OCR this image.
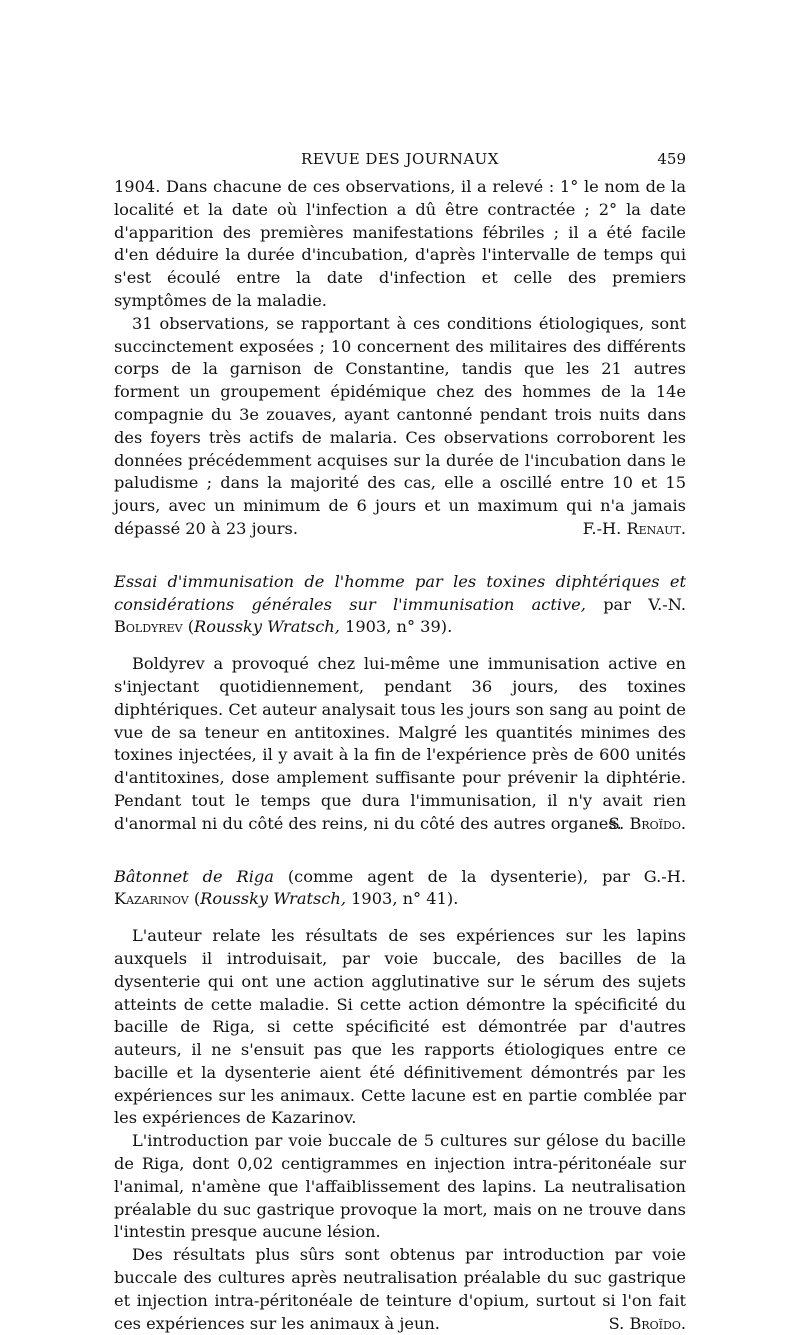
REVUE DES JOURNAUX	459

1904. Dans chacune de ces observations, il a relevé : 1° le nom de la localité et la date où l'infection a dû être contractée ; 2° la date d'apparition des premières manifestations fébriles ; il a été facile d'en déduire la durée d'incubation, d'après l'intervalle de temps qui s'est écoulé entre la date d'infection et celle des premiers symptômes de la maladie.

31 observations, se rapportant à ces conditions étiologiques, sont succinctement exposées ; 10 concernent des militaires des différents corps de la garnison de Constantine, tandis que les 21 autres forment un groupement épidémique chez des hommes de la 14e compagnie du 3e zouaves, ayant cantonné pendant trois nuits dans des foyers très actifs de malaria. Ces observations corroborent les données précédemment acquises sur la durée de l'incubation dans le paludisme ; dans la majorité des cas, elle a oscillé entre 10 et 15 jours, avec un minimum de 6 jours et un maximum qui n'a jamais dépassé 20 à 23 jours.	F.-H. Renaut.
Essai d'immunisation de l'homme par les toxines diphtériques et considérations générales sur l'immunisation active, par V.-N. Boldyrev (Roussky Wratsch, 1903, n° 39).

Boldyrev a provoqué chez lui-même une immunisation active en s'injectant quotidiennement, pendant 36 jours, des toxines diphtériques. Cet auteur analysait tous les jours son sang au point de vue de sa teneur en antitoxines. Malgré les quantités minimes des toxines injectées, il y avait à la fin de l'expérience près de 600 unités d'antitoxines, dose amplement suffisante pour prévenir la diphtérie. Pendant tout le temps que dura l'immunisation, il n'y avait rien d'anormal ni du côté des reins, ni du côté des autres organes.

S. Broïdo.
Bâtonnet de Riga (comme agent de la dysenterie), par G.-H. Kazarinov (Roussky Wratsch, 1903, n° 41).

L'auteur relate les résultats de ses expériences sur les lapins auxquels il introduisait, par voie buccale, des bacilles de la dysenterie qui ont une action agglutinative sur le sérum des sujets atteints de cette maladie. Si cette action démontre la spécificité du bacille de Riga, si cette spécificité est démontrée par d'autres auteurs, il ne s'ensuit pas que les rapports étiologiques entre ce bacille et la dysenterie aient été définitivement démontrés par les expériences sur les animaux. Cette lacune est en partie comblée par les expériences de Kazarinov.

L'introduction par voie buccale de 5 cultures sur gélose du bacille de Riga, dont 0,02 centigrammes en injection intra-péritonéale sur l'animal, n'amène que l'affaiblissement des lapins. La neutralisation préalable du suc gastrique provoque la mort, mais on ne trouve dans l'intestin presque aucune lésion.

Des résultats plus sûrs sont obtenus par introduction par voie buccale des cultures après neutralisation préalable du suc gastrique et injection intra-péritonéale de teinture d'opium, surtout si l'on fait ces expériences sur les animaux à jeun.	S. Broïdo.
